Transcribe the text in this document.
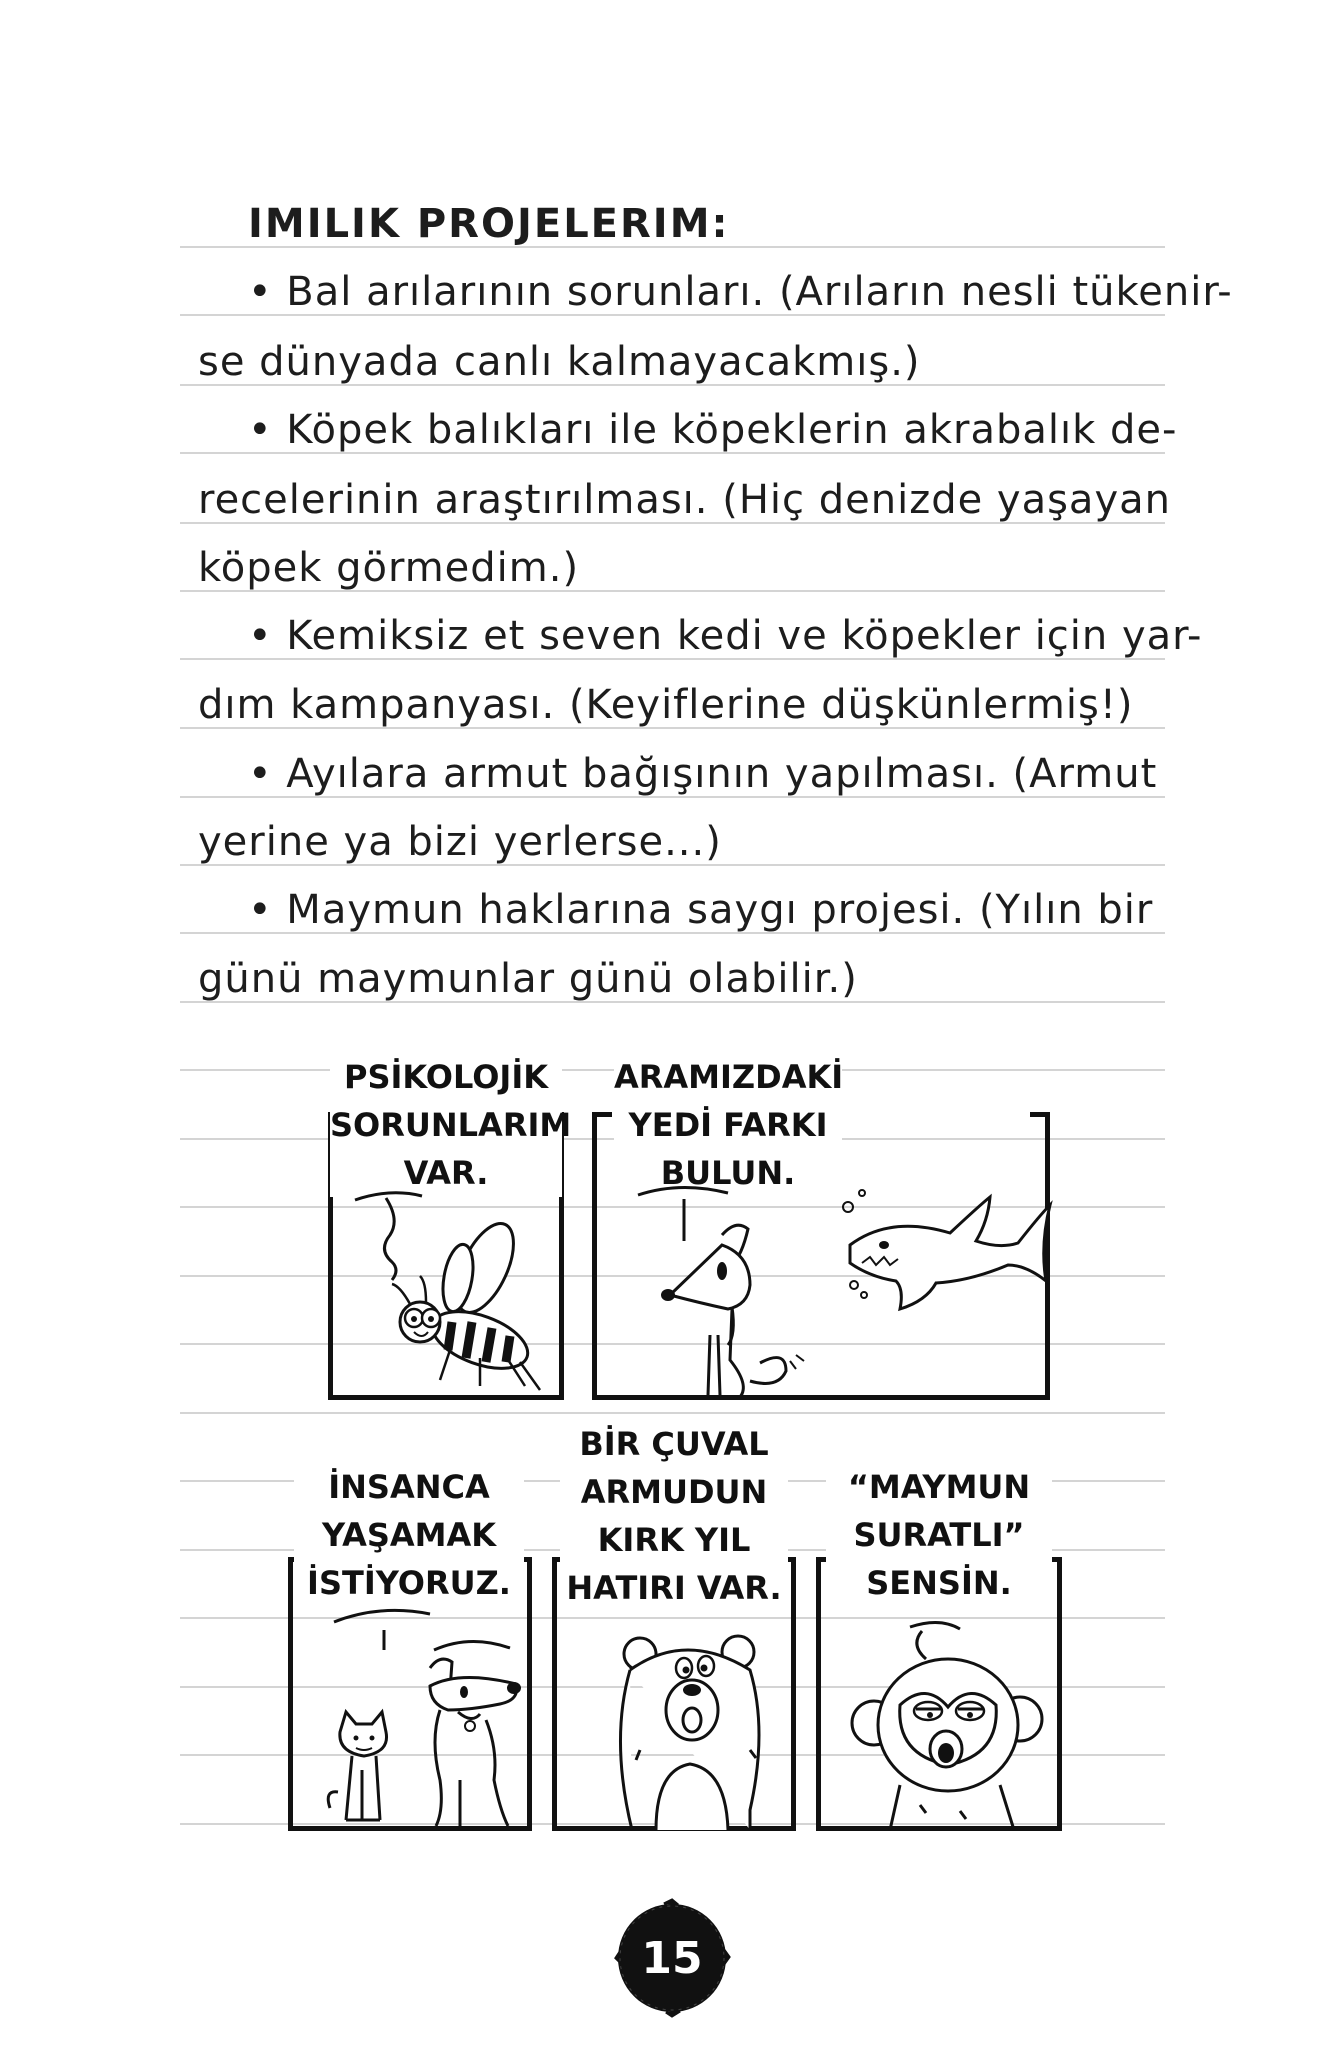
IMILIK PROJELERIM:
• Bal arılarının sorunları. (Arıların nesli tükenir-
se dünyada canlı kalmayacakmış.)
• Köpek balıkları ile köpeklerin akrabalık de-
recelerinin araştırılması. (Hiç denizde yaşayan
köpek görmedim.)
• Kemiksiz et seven kedi ve köpekler için yar-
dım kampanyası. (Keyiflerine düşkünlermiş!)
• Ayılara armut bağışının yapılması. (Armut
yerine ya bizi yerlerse...)
• Maymun haklarına saygı projesi. (Yılın bir
günü maymunlar günü olabilir.)
PSİKOLOJİK
SORUNLARIM
VAR.
ARAMIZDAKİ
YEDİ FARKI
BULUN.
İNSANCA
YAŞAMAK
İSTİYORUZ.
BİR ÇUVAL
ARMUDUN
KIRK YIL
HATIRI VAR.
“MAYMUN
SURATLI”
SENSİN.
15
